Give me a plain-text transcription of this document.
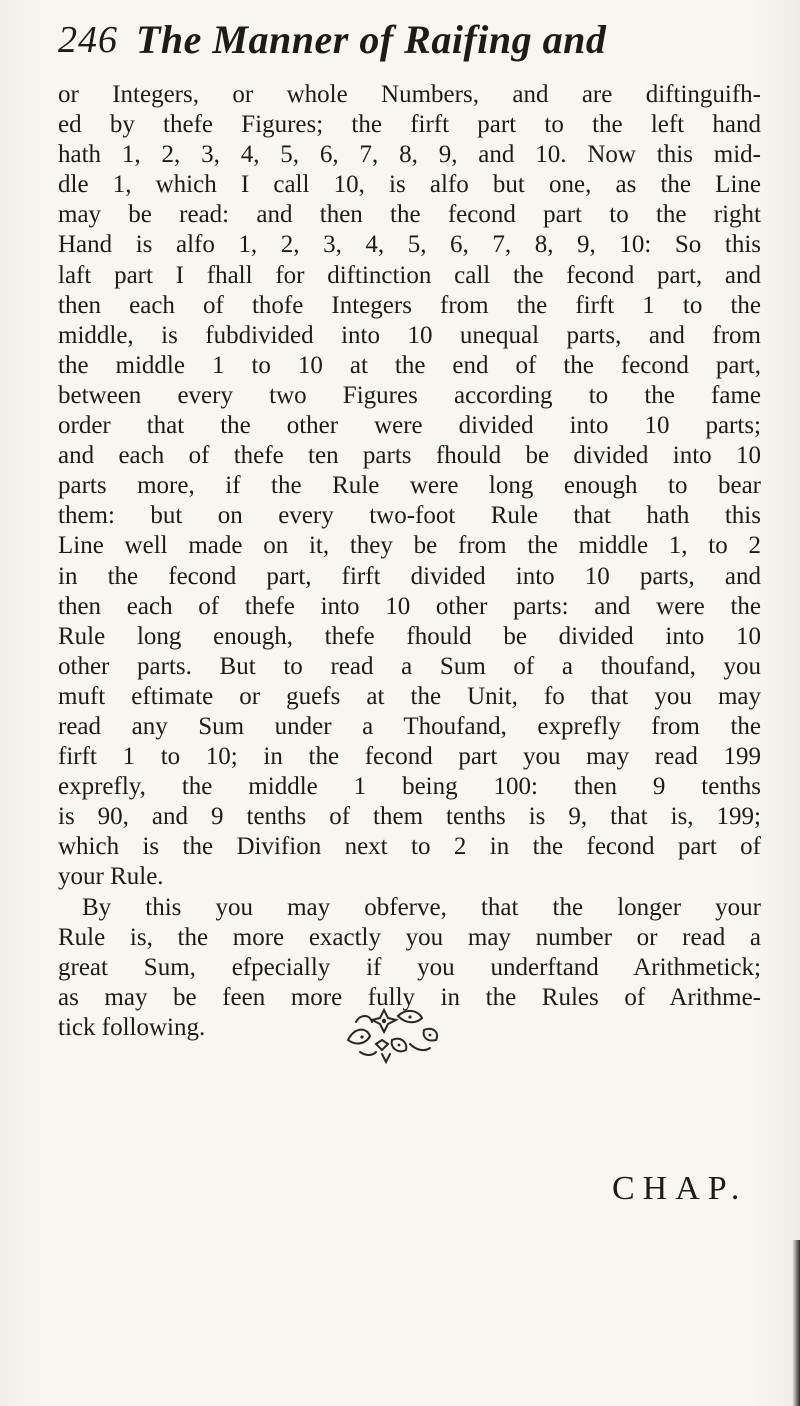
246 The Manner of Raifing and
or Integers, or whole Numbers, and are diftinguifh-
ed by thefe Figures; the firft part to the left hand
hath 1, 2, 3, 4, 5, 6, 7, 8, 9, and 10. Now this mid-
dle 1, which I call 10, is alfo but one, as the Line
may be read: and then the fecond part to the right
Hand is alfo 1, 2, 3, 4, 5, 6, 7, 8, 9, 10: So this
laft part I fhall for diftinction call the fecond part, and
then each of thofe Integers from the firft 1 to the
middle, is fubdivided into 10 unequal parts, and from
the middle 1 to 10 at the end of the fecond part,
between every two Figures according to the fame
order that the other were divided into 10 parts;
and each of thefe ten parts fhould be divided into 10
parts more, if the Rule were long enough to bear
them: but on every two-foot Rule that hath this
Line well made on it, they be from the middle 1, to 2
in the fecond part, firft divided into 10 parts, and
then each of thefe into 10 other parts: and were the
Rule long enough, thefe fhould be divided into 10
other parts. But to read a Sum of a thoufand, you
muft eftimate or guefs at the Unit, fo that you may
read any Sum under a Thoufand, exprefly from the
firft 1 to 10; in the fecond part you may read 199
exprefly, the middle 1 being 100: then 9 tenths
is 90, and 9 tenths of them tenths is 9, that is, 199;
which is the Divifion next to 2 in the fecond part of
your Rule.
By this you may obferve, that the longer your
Rule is, the more exactly you may number or read a
great Sum, efpecially if you underftand Arithmetick;
as may be feen more fully in the Rules of Arithme-
tick following.
CHAP.
